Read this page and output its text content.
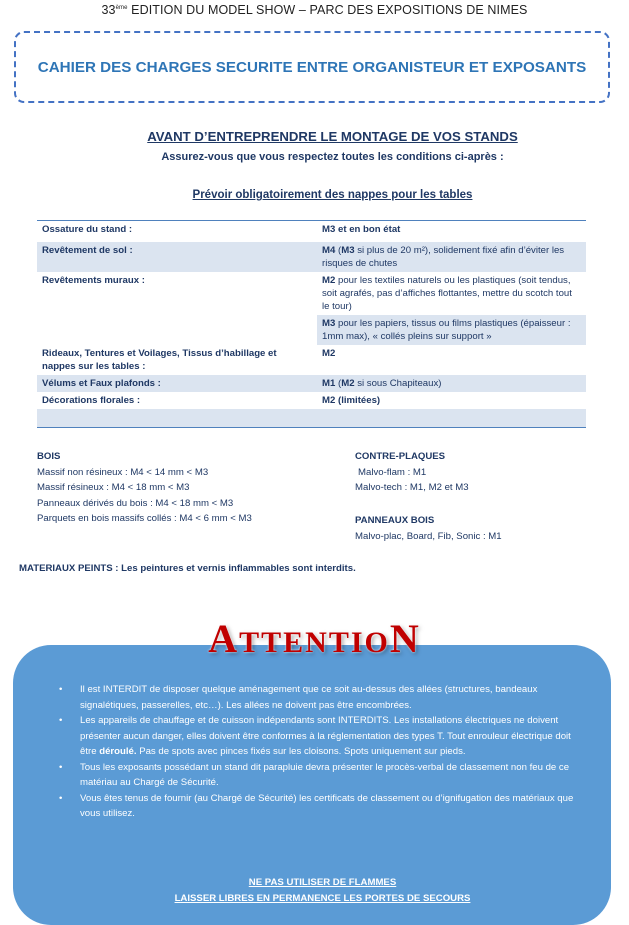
33ème EDITION DU MODEL SHOW – PARC DES EXPOSITIONS DE NIMES
CAHIER DES CHARGES SECURITE ENTRE ORGANISTEUR ET EXPOSANTS
AVANT D’ENTREPRENDRE LE MONTAGE DE VOS STANDS
Assurez-vous que vous respectez toutes les conditions ci-après :
Prévoir obligatoirement des nappes pour les tables
Ossature du stand :	M3 et en bon état

Revêtement de sol :	M4 (M3 si plus de 20 m²), solidement fixé afin d’éviter les risques de chutes
Revêtements muraux :	M2 pour les textiles naturels ou les plastiques (soit tendus, soit agrafés, pas d’affiches flottantes, mettre du scotch tout le tour)
	M3 pour les papiers, tissus ou films plastiques (épaisseur : 1mm max), « collés pleins sur support »
Rideaux, Tentures et Voilages, Tissus d’habillage et nappes sur les tables :	M2
Vélums et Faux plafonds :	M1 (M2 si sous Chapiteaux)
Décorations florales :	M2 (limitées)

BOIS
Massif non résineux : M4 < 14 mm < M3
Massif résineux : M4 < 18 mm < M3
Panneaux dérivés du bois : M4 < 18 mm < M3
Parquets en bois massifs collés : M4 < 6 mm < M3
CONTRE-PLAQUES
Malvo-flam : M1
Malvo-tech : M1, M2 et M3
PANNEAUX BOIS
Malvo-plac, Board, Fib, Sonic : M1
MATERIAUX PEINTS : Les peintures et vernis inflammables sont interdits.
ATTENTION
• Il est INTERDIT de disposer quelque aménagement que ce soit au-dessus des allées (structures, bandeaux signalétiques, passerelles, etc…). Les allées ne doivent pas être encombrées.
• Les appareils de chauffage et de cuisson indépendants sont INTERDITS. Les installations électriques ne doivent présenter aucun danger, elles doivent être conformes à la réglementation des types T. Tout enrouleur électrique doit être déroulé. Pas de spots avec pinces fixés sur les cloisons. Spots uniquement sur pieds.
• Tous les exposants possédant un stand dit parapluie devra présenter le procès-verbal de classement non feu de ce matériau au Chargé de Sécurité.
• Vous êtes tenus de fournir (au Chargé de Sécurité) les certificats de classement ou d’ignifugation des matériaux que vous utilisez.
NE PAS UTILISER DE FLAMMES
LAISSER LIBRES EN PERMANENCE LES PORTES DE SECOURS
